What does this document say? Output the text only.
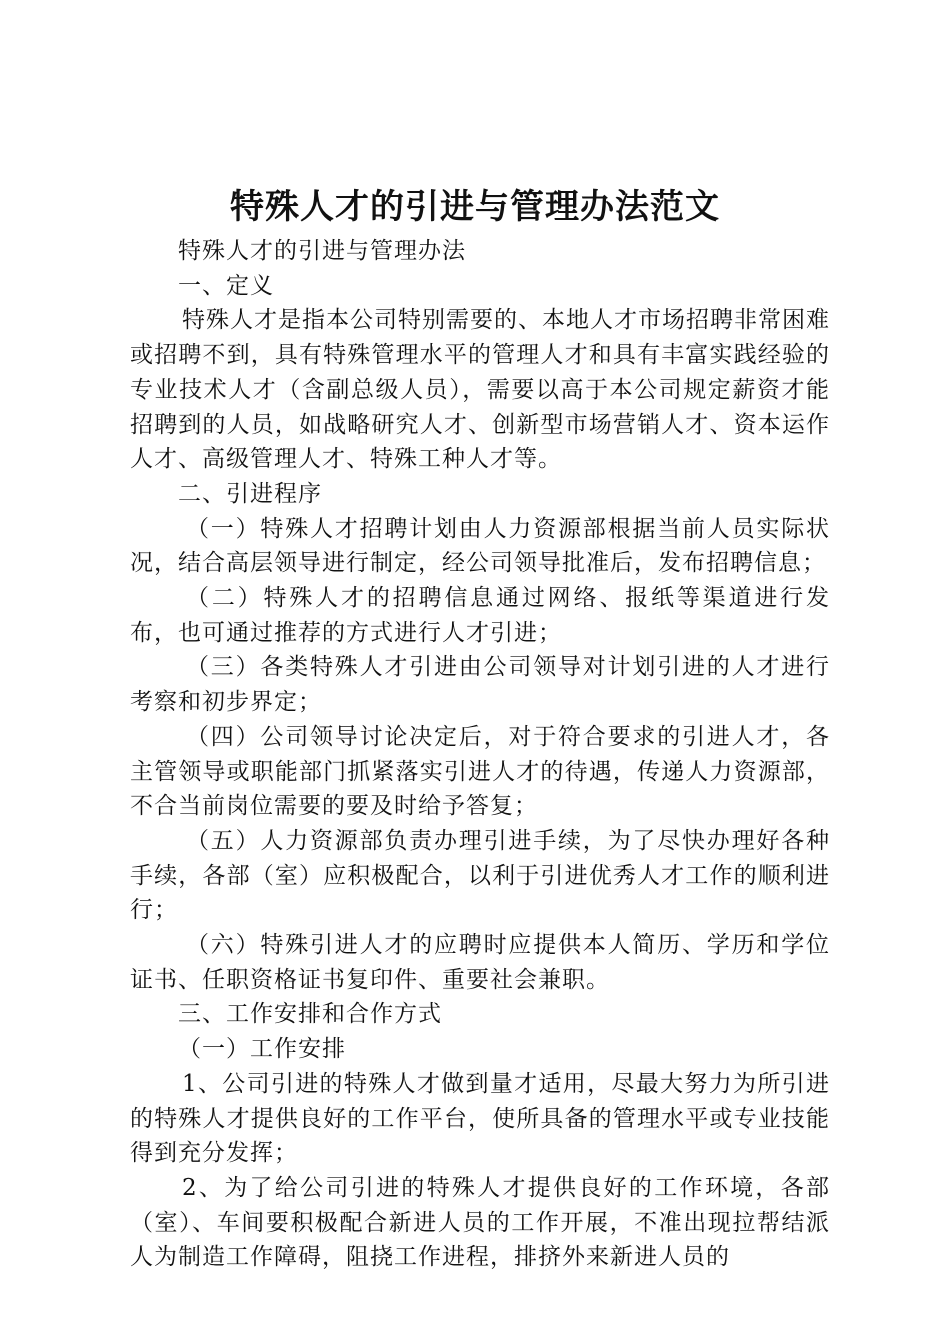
特殊人才的引进与管理办法范文

特殊人才的引进与管理办法

一、定义

特殊人才是指本公司特别需要的、本地人才市场招聘非常困难或招聘不到，具有特殊管理水平的管理人才和具有丰富实践经验的专业技术人才（含副总级人员），需要以高于本公司规定薪资才能招聘到的人员，如战略研究人才、创新型市场营销人才、资本运作人才、高级管理人才、特殊工种人才等。

二、引进程序

（一）特殊人才招聘计划由人力资源部根据当前人员实际状况，结合高层领导进行制定，经公司领导批准后，发布招聘信息；

（二）特殊人才的招聘信息通过网络、报纸等渠道进行发布，也可通过推荐的方式进行人才引进；

（三）各类特殊人才引进由公司领导对计划引进的人才进行考察和初步界定；

（四）公司领导讨论决定后，对于符合要求的引进人才，各主管领导或职能部门抓紧落实引进人才的待遇，传递人力资源部，不合当前岗位需要的要及时给予答复；

（五）人力资源部负责办理引进手续，为了尽快办理好各种手续，各部（室）应积极配合，以利于引进优秀人才工作的顺利进行；

（六）特殊引进人才的应聘时应提供本人简历、学历和学位证书、任职资格证书复印件、重要社会兼职。

三、工作安排和合作方式

（一）工作安排

1、公司引进的特殊人才做到量才适用，尽最大努力为所引进的特殊人才提供良好的工作平台，使所具备的管理水平或专业技能得到充分发挥；

2、为了给公司引进的特殊人才提供良好的工作环境，各部（室）、车间要积极配合新进人员的工作开展，不准出现拉帮结派人为制造工作障碍，阻挠工作进程，排挤外来新进人员的
